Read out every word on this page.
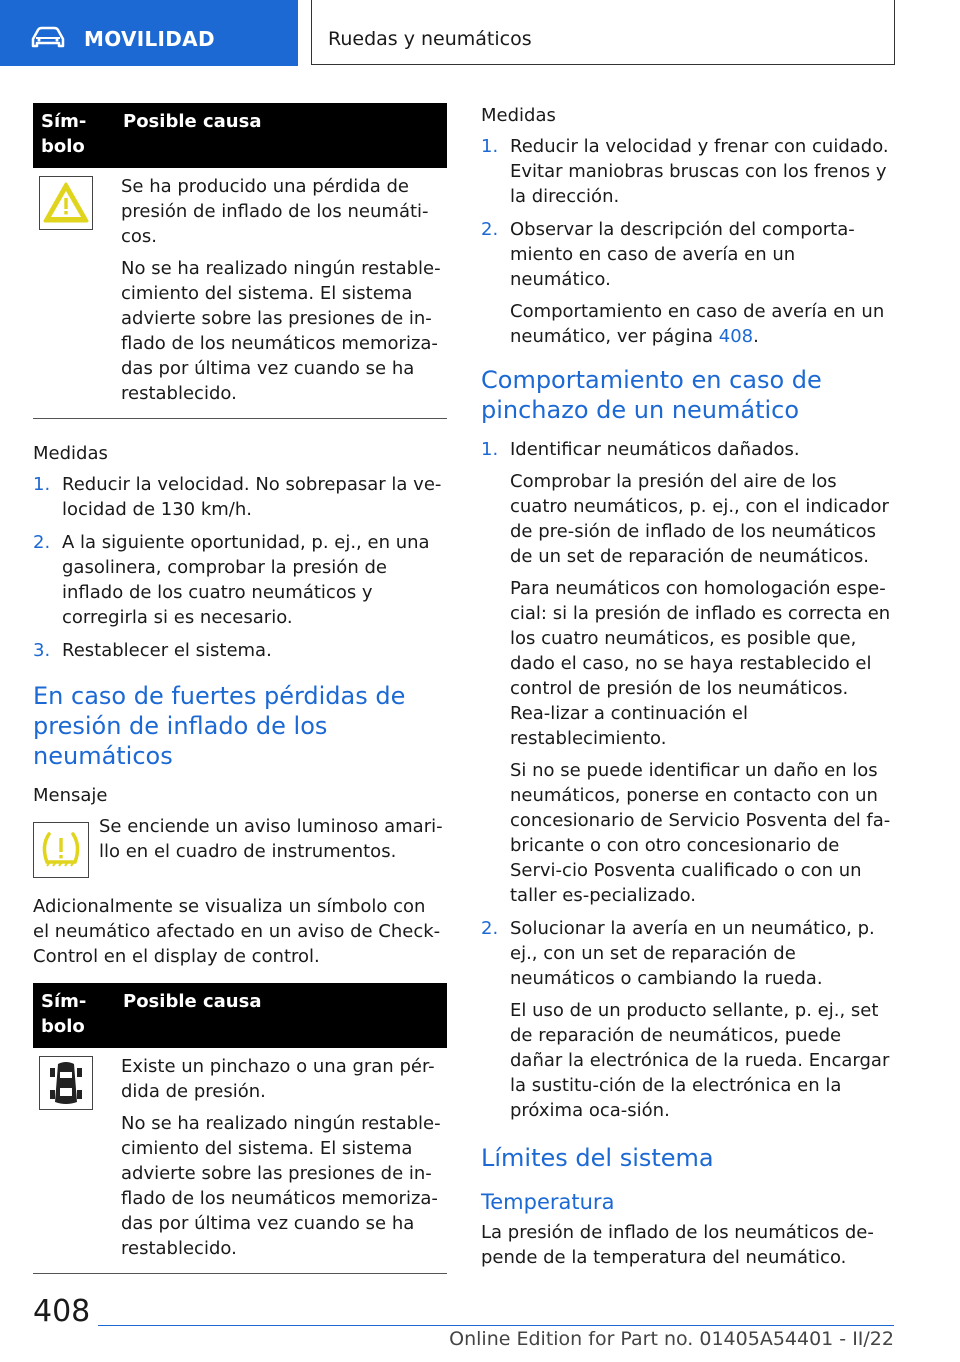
MOVILIDAD	Ruedas y neumáticos
Sím-
bolo	Posible causa

Se ha producido una pérdida de presión de inflado de los neumáti-cos.

No se ha realizado ningún restable-cimiento del sistema. El sistema advierte sobre las presiones de in-flado de los neumáticos memoriza-das por última vez cuando se ha restablecido.

Medidas
1. Reducir la velocidad. No sobrepasar la ve-locidad de 130 km/h.

2. A la siguiente oportunidad, p. ej., en una gasolinera, comprobar la presión de inflado de los cuatro neumáticos y corregirla si es necesario.

3. Restablecer el sistema.

En caso de fuertes pérdidas de presión de inflado de los neumáticos
Mensaje

Se enciende un aviso luminoso amari-llo en el cuadro de instrumentos.

Adicionalmente se visualiza un símbolo con el neumático afectado en un aviso de Check-Control en el display de control.

Sím-
bolo	Posible causa

Existe un pinchazo o una gran pér-dida de presión.

No se ha realizado ningún restable-cimiento del sistema. El sistema advierte sobre las presiones de in-flado de los neumáticos memoriza-das por última vez cuando se ha restablecido.

Medidas
1. Reducir la velocidad y frenar con cuidado. Evitar maniobras bruscas con los frenos y la dirección.

2. Observar la descripción del comporta-miento en caso de avería en un neumático.

Comportamiento en caso de avería en un neumático, ver página 408.

Comportamiento en caso de pinchazo de un neumático
1. Identificar neumáticos dañados.

Comprobar la presión del aire de los cuatro neumáticos, p. ej., con el indicador de pre-sión de inflado de los neumáticos de un set de reparación de neumáticos.

Para neumáticos con homologación espe-cial: si la presión de inflado es correcta en los cuatro neumáticos, es posible que, dado el caso, no se haya restablecido el control de presión de los neumáticos. Rea-lizar a continuación el restablecimiento.

Si no se puede identificar un daño en los neumáticos, ponerse en contacto con un concesionario de Servicio Posventa del fa-bricante o con otro concesionario de Servi-cio Posventa cualificado o con un taller es-pecializado.

2. Solucionar la avería en un neumático, p. ej., con un set de reparación de neumáticos o cambiando la rueda.

El uso de un producto sellante, p. ej., set de reparación de neumáticos, puede dañar la electrónica de la rueda. Encargar la sustitu-ción de la electrónica en la próxima oca-sión.

Límites del sistema
Temperatura

La presión de inflado de los neumáticos de-pende de la temperatura del neumático.

408
Online Edition for Part no. 01405A54401 - II/22
